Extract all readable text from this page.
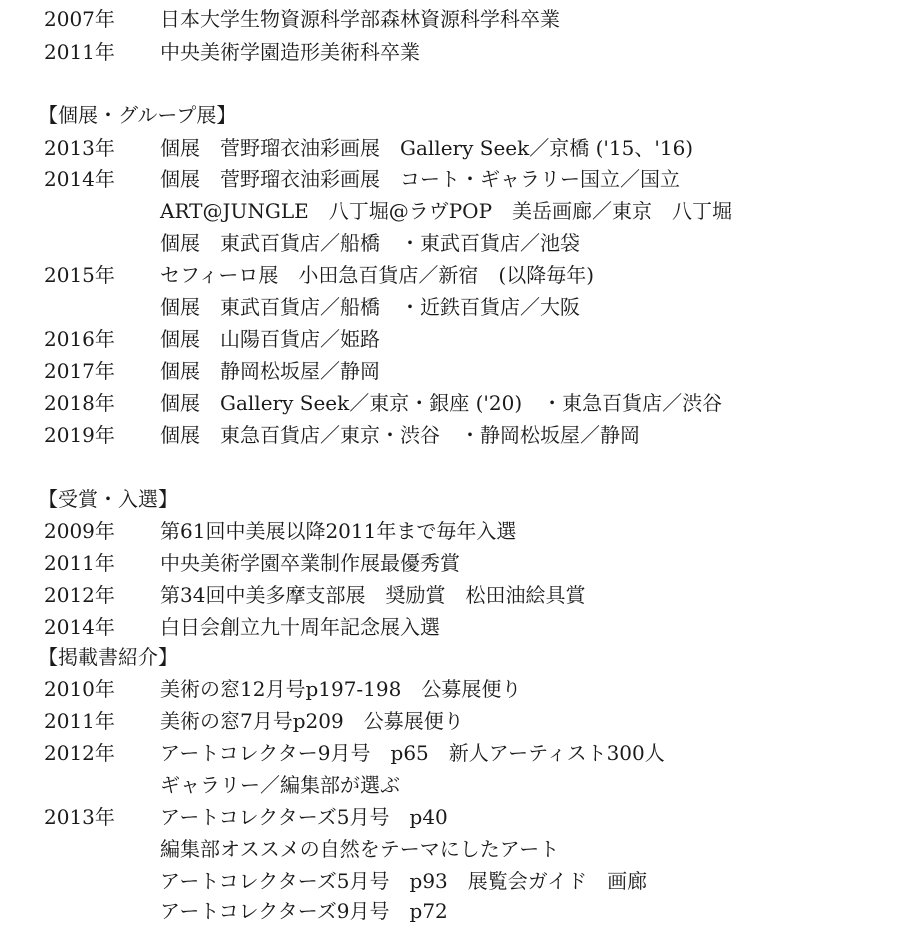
2007年 日本大学生物資源科学部森林資源科学科卒業
2011年 中央美術学園造形美術科卒業
【個展・グループ展】
2013年 個展　菅野瑠衣油彩画展　Gallery Seek／京橋 ('15、'16)
2014年 個展　菅野瑠衣油彩画展　コート・ギャラリー国立／国立
ART@JUNGLE　八丁堀@ラヴPOP　美岳画廊／東京　八丁堀
個展　東武百貨店／船橋　・東武百貨店／池袋
2015年 セフィーロ展　小田急百貨店／新宿　(以降毎年)
個展　東武百貨店／船橋　・近鉄百貨店／大阪
2016年 個展　山陽百貨店／姫路
2017年 個展　静岡松坂屋／静岡
2018年 個展　Gallery Seek／東京・銀座 ('20)　・東急百貨店／渋谷
2019年 個展　東急百貨店／東京・渋谷　・静岡松坂屋／静岡
【受賞・入選】
2009年 第61回中美展以降2011年まで毎年入選
2011年 中央美術学園卒業制作展最優秀賞
2012年 第34回中美多摩支部展　奨励賞　松田油絵具賞
2014年 白日会創立九十周年記念展入選
【掲載書紹介】
2010年 美術の窓12月号p197-198　公募展便り
2011年 美術の窓7月号p209　公募展便り
2012年 アートコレクター9月号　p65　新人アーティスト300人
ギャラリー／編集部が選ぶ
2013年 アートコレクターズ5月号　p40
編集部オススメの自然をテーマにしたアート
アートコレクターズ5月号　p93　展覧会ガイド　画廊
アートコレクターズ9月号　p72
